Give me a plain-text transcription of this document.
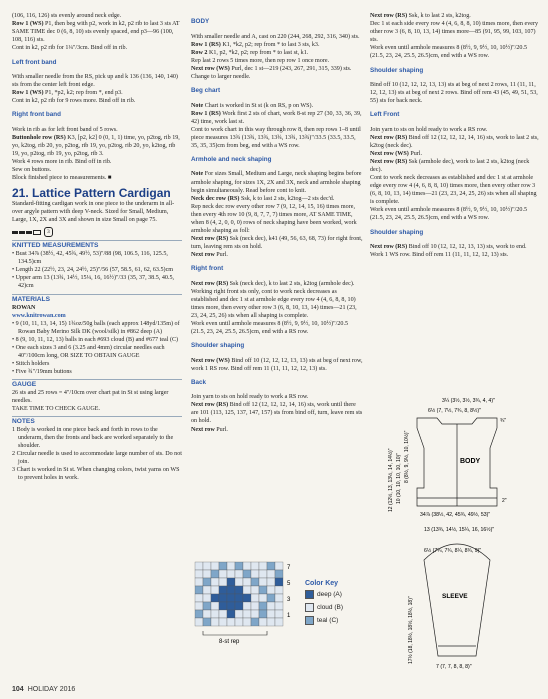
(106, 116, 126) sts evenly around neck edge.

Row 1 (WS) P1, then beg with p2, work in k2, p2 rib to last 3 sts AT SAME TIME dec 0 (6, 8, 10) sts evenly spaced, end p3—96 (100, 108, 116) sts.

Cont in k2, p2 rib for 1¼"/3cm. Bind off in rib.

Left front band

With smaller needle from the RS, pick up and k 136 (136, 140, 140) sts from the center left front edge.

Row 1 (WS) P1, *p2, k2; rep from *, end p3.

Cont in k2, p2 rib for 9 rows more. Bind off in rib.

Right front band

Work in rib as for left front band of 5 rows.

Buttonhole row (RS) K3, [p2, k2] 0 (0, 1, 1) time, yo, p2tog, rib 19, yo, k2tog, rib 20, yo, p2tog, rib 19, yo, p2tog, rib 20, yo, k2tog, rib 19, yo, p2tog, rib 19, yo, p2tog, rib 3.

Work 4 rows more in rib. Bind off in rib.

Sew on buttons.

Block finished piece to measurements. ■

21. Lattice Pattern Cardigan

Standard-fitting cardigan work in one piece to the underarm in all-over argyle pattern with deep V-neck. Sized for Small, Medium, Large, 1X, 2X and 3X and shown in size Small on page 75.

3
KNITTED MEASUREMENTS

• Bust 34⅞ (38½, 42, 45¾, 49½, 53)"/88 (98, 106.5, 116, 125.5, 134.5)cm

• Length 22 (22½, 23, 24, 24½, 25)"/56 (57, 58.5, 61, 62, 63.5)cm

• Upper arm 13 (13¾, 14½, 15¼, 16, 16½)"/33 (35, 37, 38.5, 40.5, 42)cm

MATERIALS

ROWAN

www.knitrowan.com

• 9 (10, 11, 13, 14, 15) 1¾oz/50g balls (each approx 148yd/135m) of Rowan Baby Merino Silk DK (wool/silk) in #862 deep (A)

• 8 (9, 10, 11, 12, 13) balls in each #693 cloud (B) and #677 teal (C)

• One each sizes 3 and 6 (3.25 and 4mm) circular needles each 40"/100cm long, OR SIZE TO OBTAIN GAUGE

• Stitch holders

• Five ¾"/19mm buttons

GAUGE

26 sts and 25 rows = 4"/10cm over chart pat in St st using larger needles.

TAKE TIME TO CHECK GAUGE.

NOTES

1 Body is worked in one piece back and forth in rows to the underarm, then the fronts and back are worked separately to the shoulder.

2 Circular needle is used to accommodate large number of sts. Do not join.

3 Chart is worked in St st. When changing colors, twist yarns on WS to prevent holes in work.

BODY

With smaller needle and A, cast on 220 (244, 268, 292, 316, 340) sts.

Row 1 (RS) K1, *k2, p2; rep from * to last 3 sts, k3.

Row 2 K1, p2, *k2, p2; rep from * to last st, k1.

Rep last 2 rows 5 times more, then rep row 1 once more.

Next row (WS) Purl, dec 1 st—219 (243, 267, 291, 315, 339) sts. Change to larger needle.

Beg chart

Note Chart is worked in St st (k on RS, p on WS).

Row 1 (RS) Work first 2 sts of chart, work 8-st rep 27 (30, 33, 36, 39, 42) time, work last st.

Cont to work chart in this way through row 8, then rep rows 1–8 until piece measures 13¾ (13¾, 13¾, 13¾, 13¾, 13¾)"/33.5 (33.5, 33.5, 35, 35, 35)cm from beg, end with a WS row.

Armhole and neck shaping

Note For sizes Small, Medium and Large, neck shaping begins before armhole shaping, for sizes 1X, 2X and 3X, neck and armhole shaping begin simultaneously. Read before cont to knit.

Neck dec row (RS) Ssk, k to last 2 sts, k2tog—2 sts dec'd.

Rep neck dec row every other row 7 (9, 12, 14, 15, 16) times more, then every 4th row 10 (9, 8, 7, 7, 7) times more, AT SAME TIME, when 8 (4, 2, 0, 0, 0) rows of neck shaping have been worked, work armhole shaping as foll:

Next row (RS) Ssk (neck dec), k41 (49, 56, 63, 68, 73) for right front, turn, leaving rem sts on hold.

Next row Purl.

Right front

Next row (RS) Ssk (neck dec), k to last 2 sts, k2tog (armhole dec).

Working right front sts only, cont to work neck decreases as established and dec 1 st at armhole edge every row 4 (4, 6, 8, 8, 10) times more, then every other row 3 (6, 8, 10, 13, 14) times—21 (23, 23, 24, 25, 26) sts when all shaping is complete.

Work even until armhole measures 8 (8½, 9, 9½, 10, 10½)"/20.5 (21.5, 23, 24, 25.5, 26.5)cm, end with a RS row.

Shoulder shaping

Next row (WS) Bind off 10 (12, 12, 12, 13, 13) sts at beg of next row, work 1 RS row. Bind off rem 11 (11, 11, 12, 12, 13) sts.

Back

Join yarn to sts on hold ready to work a RS row.

Next row (RS) Bind off 12 (12, 12, 12, 14, 16) sts, work until there are 101 (113, 125, 137, 147, 157) sts from bind off, turn, leave rem sts on hold.

Next row Purl.

Next row (RS) Ssk, k to last 2 sts, k2tog.

Dec 1 st each side every row 4 (4, 6, 8, 8, 10) times more, then every other row 3 (6, 8, 10, 13, 14) times more—85 (91, 95, 99, 103, 107) sts.

Work even until armhole measures 8 (8½, 9, 9½, 10, 10½)"/20.5 (21.5, 23, 24, 25.5, 26.5)cm, end with a WS row.

Shoulder shaping

Bind off 10 (12, 12, 12, 13, 13) sts at beg of next 2 rows, 11 (11, 11, 12, 12, 13) sts at beg of next 2 rows. Bind off rem 43 (45, 49, 51, 53, 55) sts for back neck.

Left Front

Join yarn to sts on hold ready to work a RS row.

Next row (RS) Bind off 12 (12, 12, 12, 14, 16) sts, work to last 2 sts, k2tog (neck dec).

Next row (WS) Purl.

Next row (RS) Ssk (armhole dec), work to last 2 sts, k2tog (neck dec).

Cont to work neck decreases as established and dec 1 st at armhole edge every row 4 (4, 6, 8, 8, 10) times more, then every other row 3 (6, 8, 10, 13, 14) times—21 (23, 23, 24, 25, 26) sts when all shaping is complete.

Work even until armhole measures 8 (8½, 9, 9½, 10, 10½)"/20.5 (21.5, 23, 24, 25.5, 26.5)cm, end with a WS row.

Shoulder shaping

Next row (RS) Bind off 10 (12, 12, 12, 13, 13) sts, work to end. Work 1 WS row. Bind off rem 11 (11, 11, 12, 12, 13) sts.

7
5
3
1
8-st rep
Color Key
deep (A)
cloud (B)
teal (C)
3¼ (3½, 3½, 3¾, 4, 4)"
6½ (7, 7½, 7¾, 8, 8½)"
¾"
BODY
8 (8½, 9, 9½, 10, 10½)"
10 (10, 10, 10, 10, 10)"
12 (12½, 13, 13½, 14, 14½)"	2"
34⅞ (38½, 42, 45¾, 49½, 53)"
13 (13¾, 14½, 15¼, 16, 16½)"
6½ (7¼, 7¾, 8¼, 8¾, 9)"
SLEEVE
17½ (18, 18½, 18½, 18½, 18)"
7 (7, 7, 8, 8, 8)"
104 HOLIDAY 2016
